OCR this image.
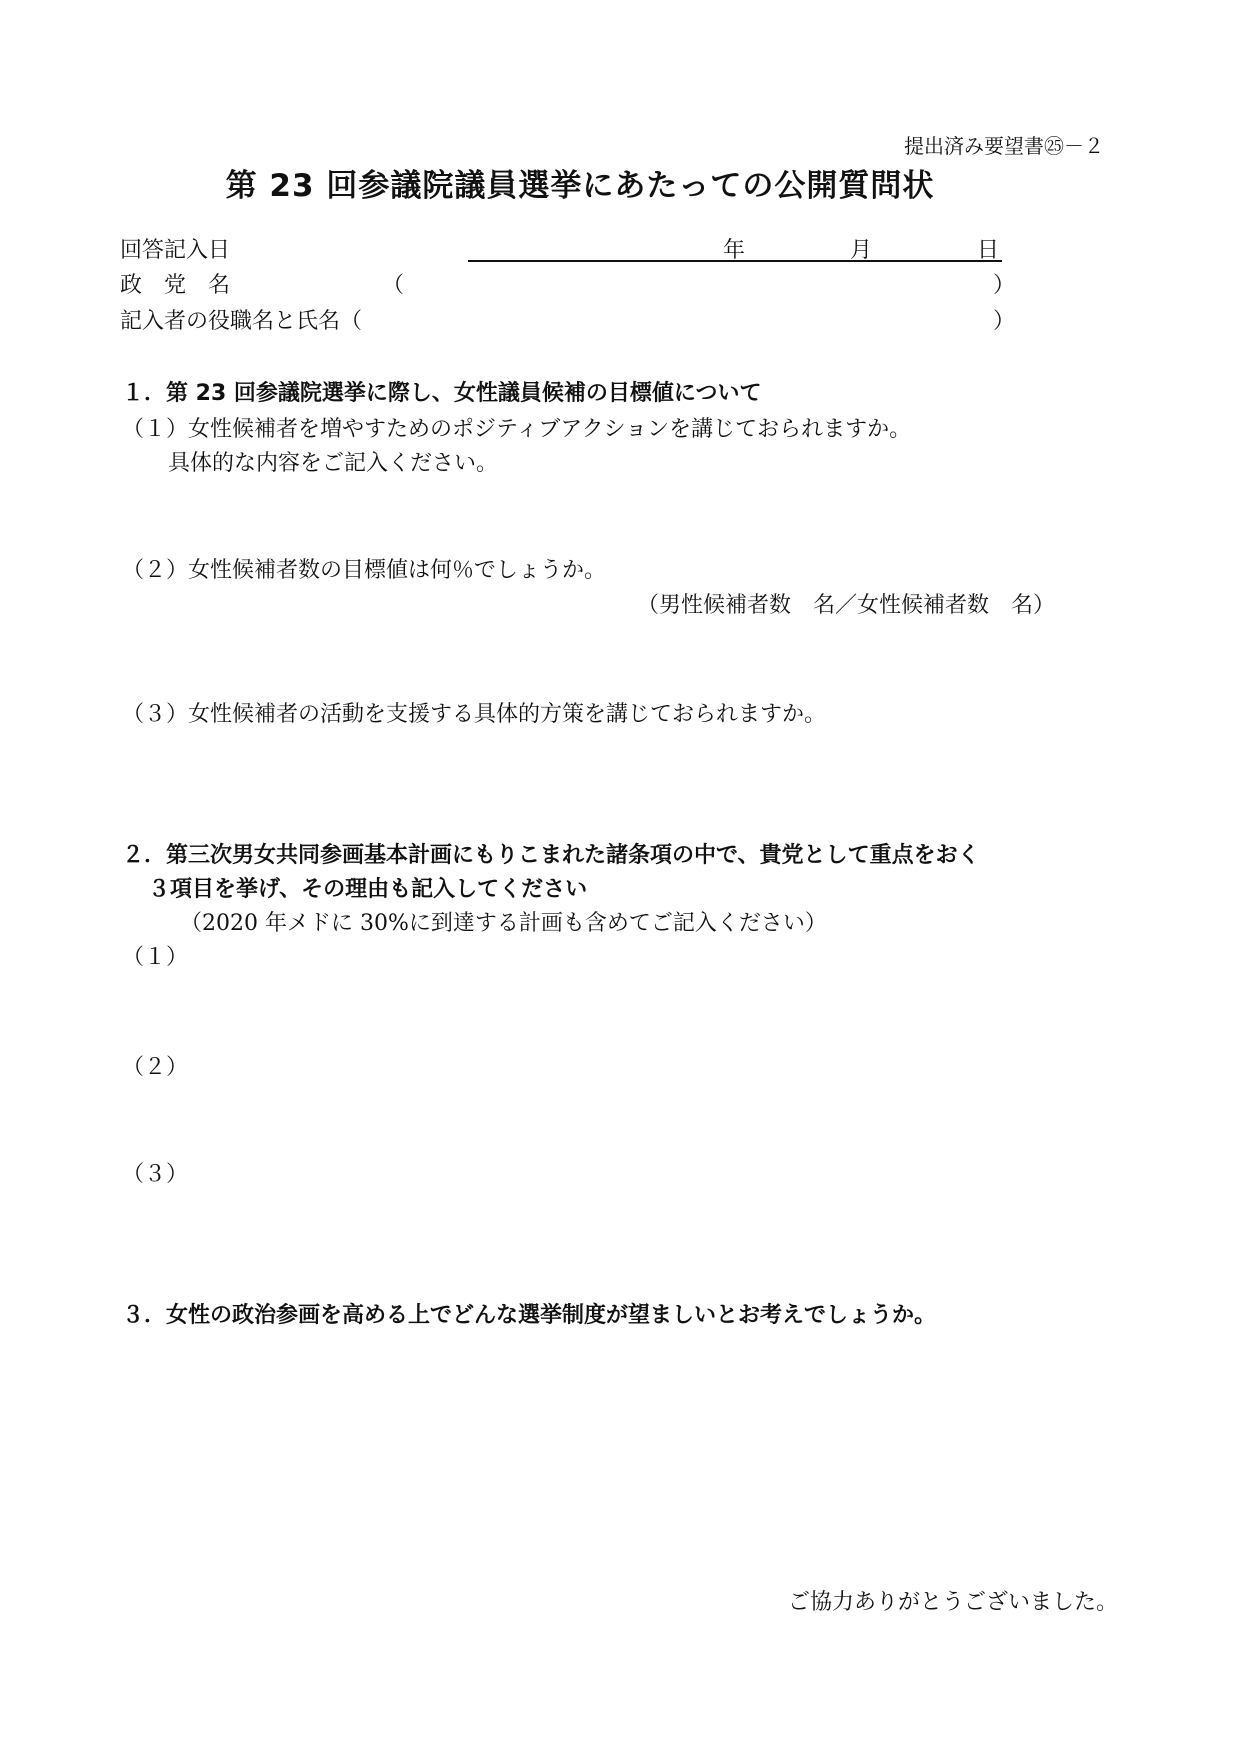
提出済み要望書㉕－２
第 23 回参議院議員選挙にあたっての公開質問状
回答記入日	年	月	日
政　党　名	（	）
記入者の役職名と氏名（	）
１．第 23 回参議院選挙に際し、女性議員候補の目標値について
（１）女性候補者を増やすためのポジティブアクションを講じておられますか。
具体的な内容をご記入ください。
（２）女性候補者数の目標値は何％でしょうか。
（男性候補者数　名／女性候補者数　名）
（３）女性候補者の活動を支援する具体的方策を講じておられますか。
２．第三次男女共同参画基本計画にもりこまれた諸条項の中で、貴党として重点をおく
３項目を挙げ、その理由も記入してください
（2020 年メドに 30%に到達する計画も含めてご記入ください）
（１）
（２）
（３）
３．女性の政治参画を高める上でどんな選挙制度が望ましいとお考えでしょうか。
ご協力ありがとうございました。
